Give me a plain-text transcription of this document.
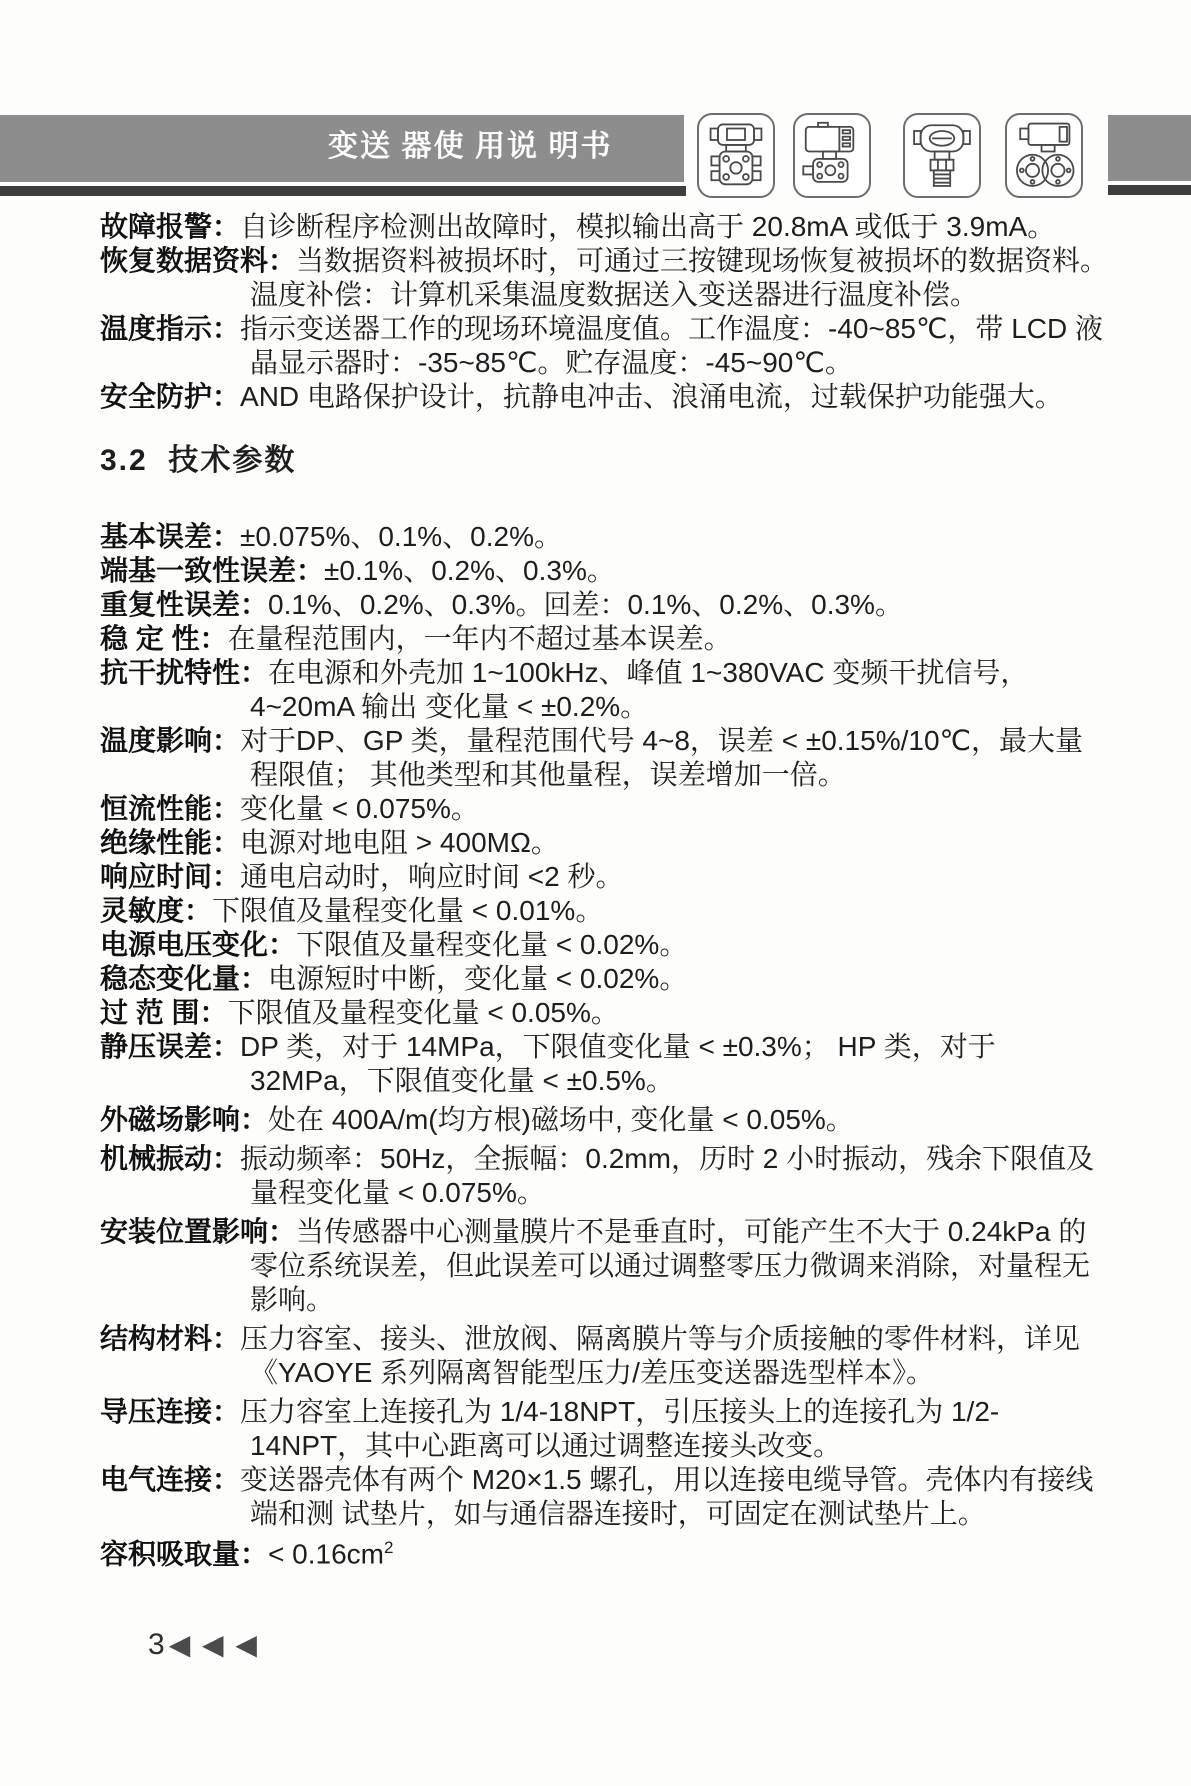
变送 器使 用说 明书

故障报警：自诊断程序检测出故障时，模拟输出高于 20.8mA 或低于 3.9mA。

恢复数据资料：当数据资料被损坏时，可通过三按键现场恢复被损坏的数据资料。温度补偿：计算机采集温度数据送入变送器进行温度补偿。

温度指示：指示变送器工作的现场环境温度值。工作温度：-40~85℃，带 LCD 液晶显示器时：-35~85℃。贮存温度：-45~90℃。

安全防护：AND 电路保护设计，抗静电冲击、浪涌电流，过载保护功能强大。

3.2  技术参数

基本误差：±0.075%、0.1%、0.2%。

端基一致性误差：±0.1%、0.2%、0.3%。

重复性误差：0.1%、0.2%、0.3%。回差：0.1%、0.2%、0.3%。

稳 定 性：在量程范围内，一年内不超过基本误差。

抗干扰特性：在电源和外壳加 1~100kHz、峰值 1~380VAC 变频干扰信号，4~20mA 输出 变化量 < ±0.2%。

温度影响：对于DP、GP 类，量程范围代号 4~8，误差 < ±0.15%/10℃，最大量程限值； 其他类型和其他量程，误差增加一倍。

恒流性能：变化量 < 0.075%。

绝缘性能：电源对地电阻 > 400MΩ。

响应时间：通电启动时，响应时间 <2 秒。

灵敏度：下限值及量程变化量 < 0.01%。

电源电压变化：下限值及量程变化量 < 0.02%。

稳态变化量：电源短时中断，变化量 < 0.02%。

过 范 围：下限值及量程变化量 < 0.05%。

静压误差：DP 类，对于 14MPa，下限值变化量 < ±0.3%； HP 类，对于 32MPa，下限值变化量 < ±0.5%。

外磁场影响：处在 400A/m(均方根)磁场中, 变化量 < 0.05%。

机械振动：振动频率：50Hz，全振幅：0.2mm，历时 2 小时振动，残余下限值及量程变化量 < 0.075%。

安装位置影响：当传感器中心测量膜片不是垂直时，可能产生不大于 0.24kPa 的零位系统误差，但此误差可以通过调整零压力微调来消除，对量程无影响。

结构材料：压力容室、接头、泄放阀、隔离膜片等与介质接触的零件材料，详见《YAOYE 系列隔离智能型压力/差压变送器选型样本》。

导压连接：压力容室上连接孔为 1/4-18NPT，引压接头上的连接孔为 1/2-14NPT，其中心距离可以通过调整连接头改变。

电气连接：变送器壳体有两个 M20×1.5 螺孔，用以连接电缆导管。壳体内有接线端和测 试垫片，如与通信器连接时，可固定在测试垫片上。

容积吸取量：< $0.16cm^2$

3 ◀ ◀ ◀
